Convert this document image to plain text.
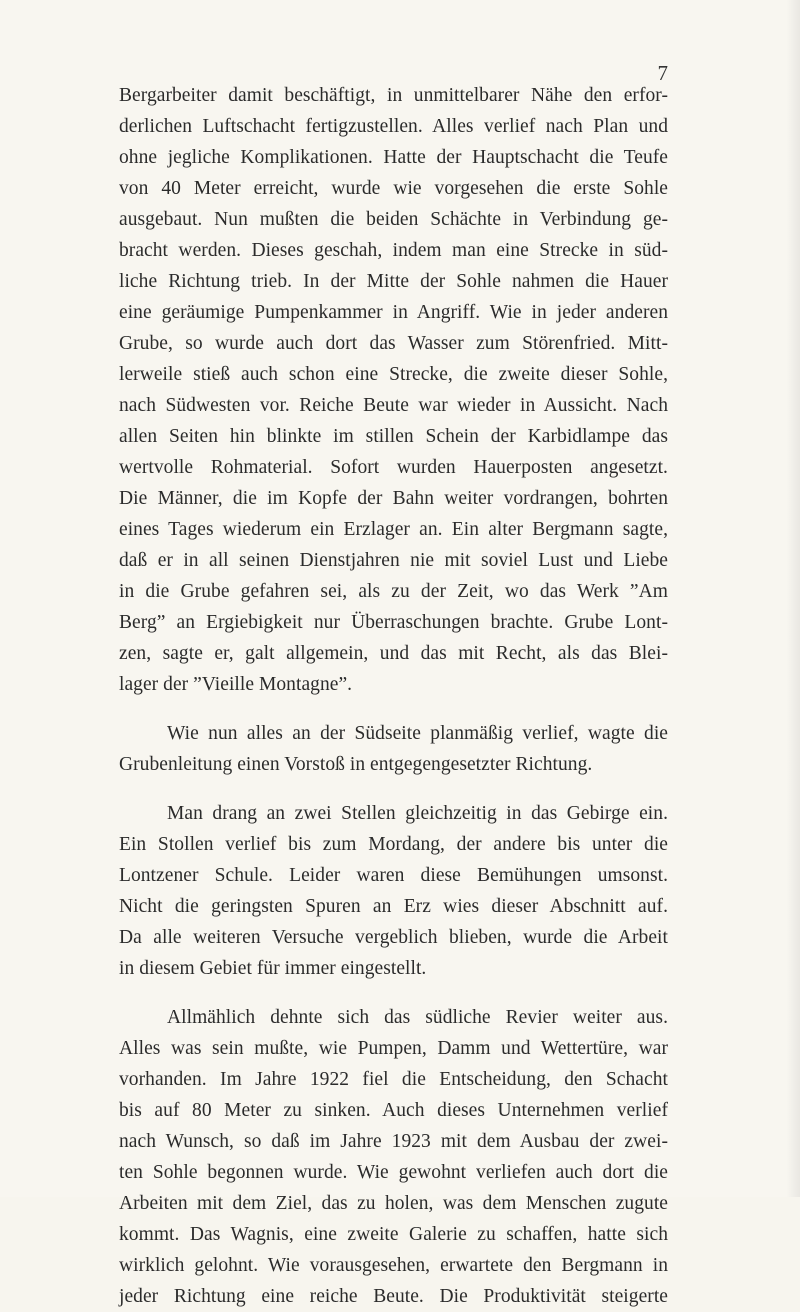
7
Bergarbeiter damit beschäftigt, in unmittelbarer Nähe den erfor-
derlichen Luftschacht fertigzustellen. Alles verlief nach Plan und
ohne jegliche Komplikationen. Hatte der Hauptschacht die Teufe
von 40 Meter erreicht, wurde wie vorgesehen die erste Sohle
ausgebaut. Nun mußten die beiden Schächte in Verbindung ge-
bracht werden. Dieses geschah, indem man eine Strecke in süd-
liche Richtung trieb. In der Mitte der Sohle nahmen die Hauer
eine geräumige Pumpenkammer in Angriff. Wie in jeder anderen
Grube, so wurde auch dort das Wasser zum Störenfried. Mitt-
lerweile stieß auch schon eine Strecke, die zweite dieser Sohle,
nach Südwesten vor. Reiche Beute war wieder in Aussicht. Nach
allen Seiten hin blinkte im stillen Schein der Karbidlampe das
wertvolle Rohmaterial. Sofort wurden Hauerposten angesetzt.
Die Männer, die im Kopfe der Bahn weiter vordrangen, bohrten
eines Tages wiederum ein Erzlager an. Ein alter Bergmann sagte,
daß er in all seinen Dienstjahren nie mit soviel Lust und Liebe
in die Grube gefahren sei, als zu der Zeit, wo das Werk ”Am
Berg” an Ergiebigkeit nur Überraschungen brachte. Grube Lont-
zen, sagte er, galt allgemein, und das mit Recht, als das Blei-
lager der ”Vieille Montagne”.
Wie nun alles an der Südseite planmäßig verlief, wagte die
Grubenleitung einen Vorstoß in entgegengesetzter Richtung.
Man drang an zwei Stellen gleichzeitig in das Gebirge ein.
Ein Stollen verlief bis zum Mordang, der andere bis unter die
Lontzener Schule. Leider waren diese Bemühungen umsonst.
Nicht die geringsten Spuren an Erz wies dieser Abschnitt auf.
Da alle weiteren Versuche vergeblich blieben, wurde die Arbeit
in diesem Gebiet für immer eingestellt.
Allmählich dehnte sich das südliche Revier weiter aus.
Alles was sein mußte, wie Pumpen, Damm und Wettertüre, war
vorhanden. Im Jahre 1922 fiel die Entscheidung, den Schacht
bis auf 80 Meter zu sinken. Auch dieses Unternehmen verlief
nach Wunsch, so daß im Jahre 1923 mit dem Ausbau der zwei-
ten Sohle begonnen wurde. Wie gewohnt verliefen auch dort die
Arbeiten mit dem Ziel, das zu holen, was dem Menschen zugute
kommt. Das Wagnis, eine zweite Galerie zu schaffen, hatte sich
wirklich gelohnt. Wie vorausgesehen, erwartete den Bergmann in
jeder Richtung eine reiche Beute. Die Produktivität steigerte
